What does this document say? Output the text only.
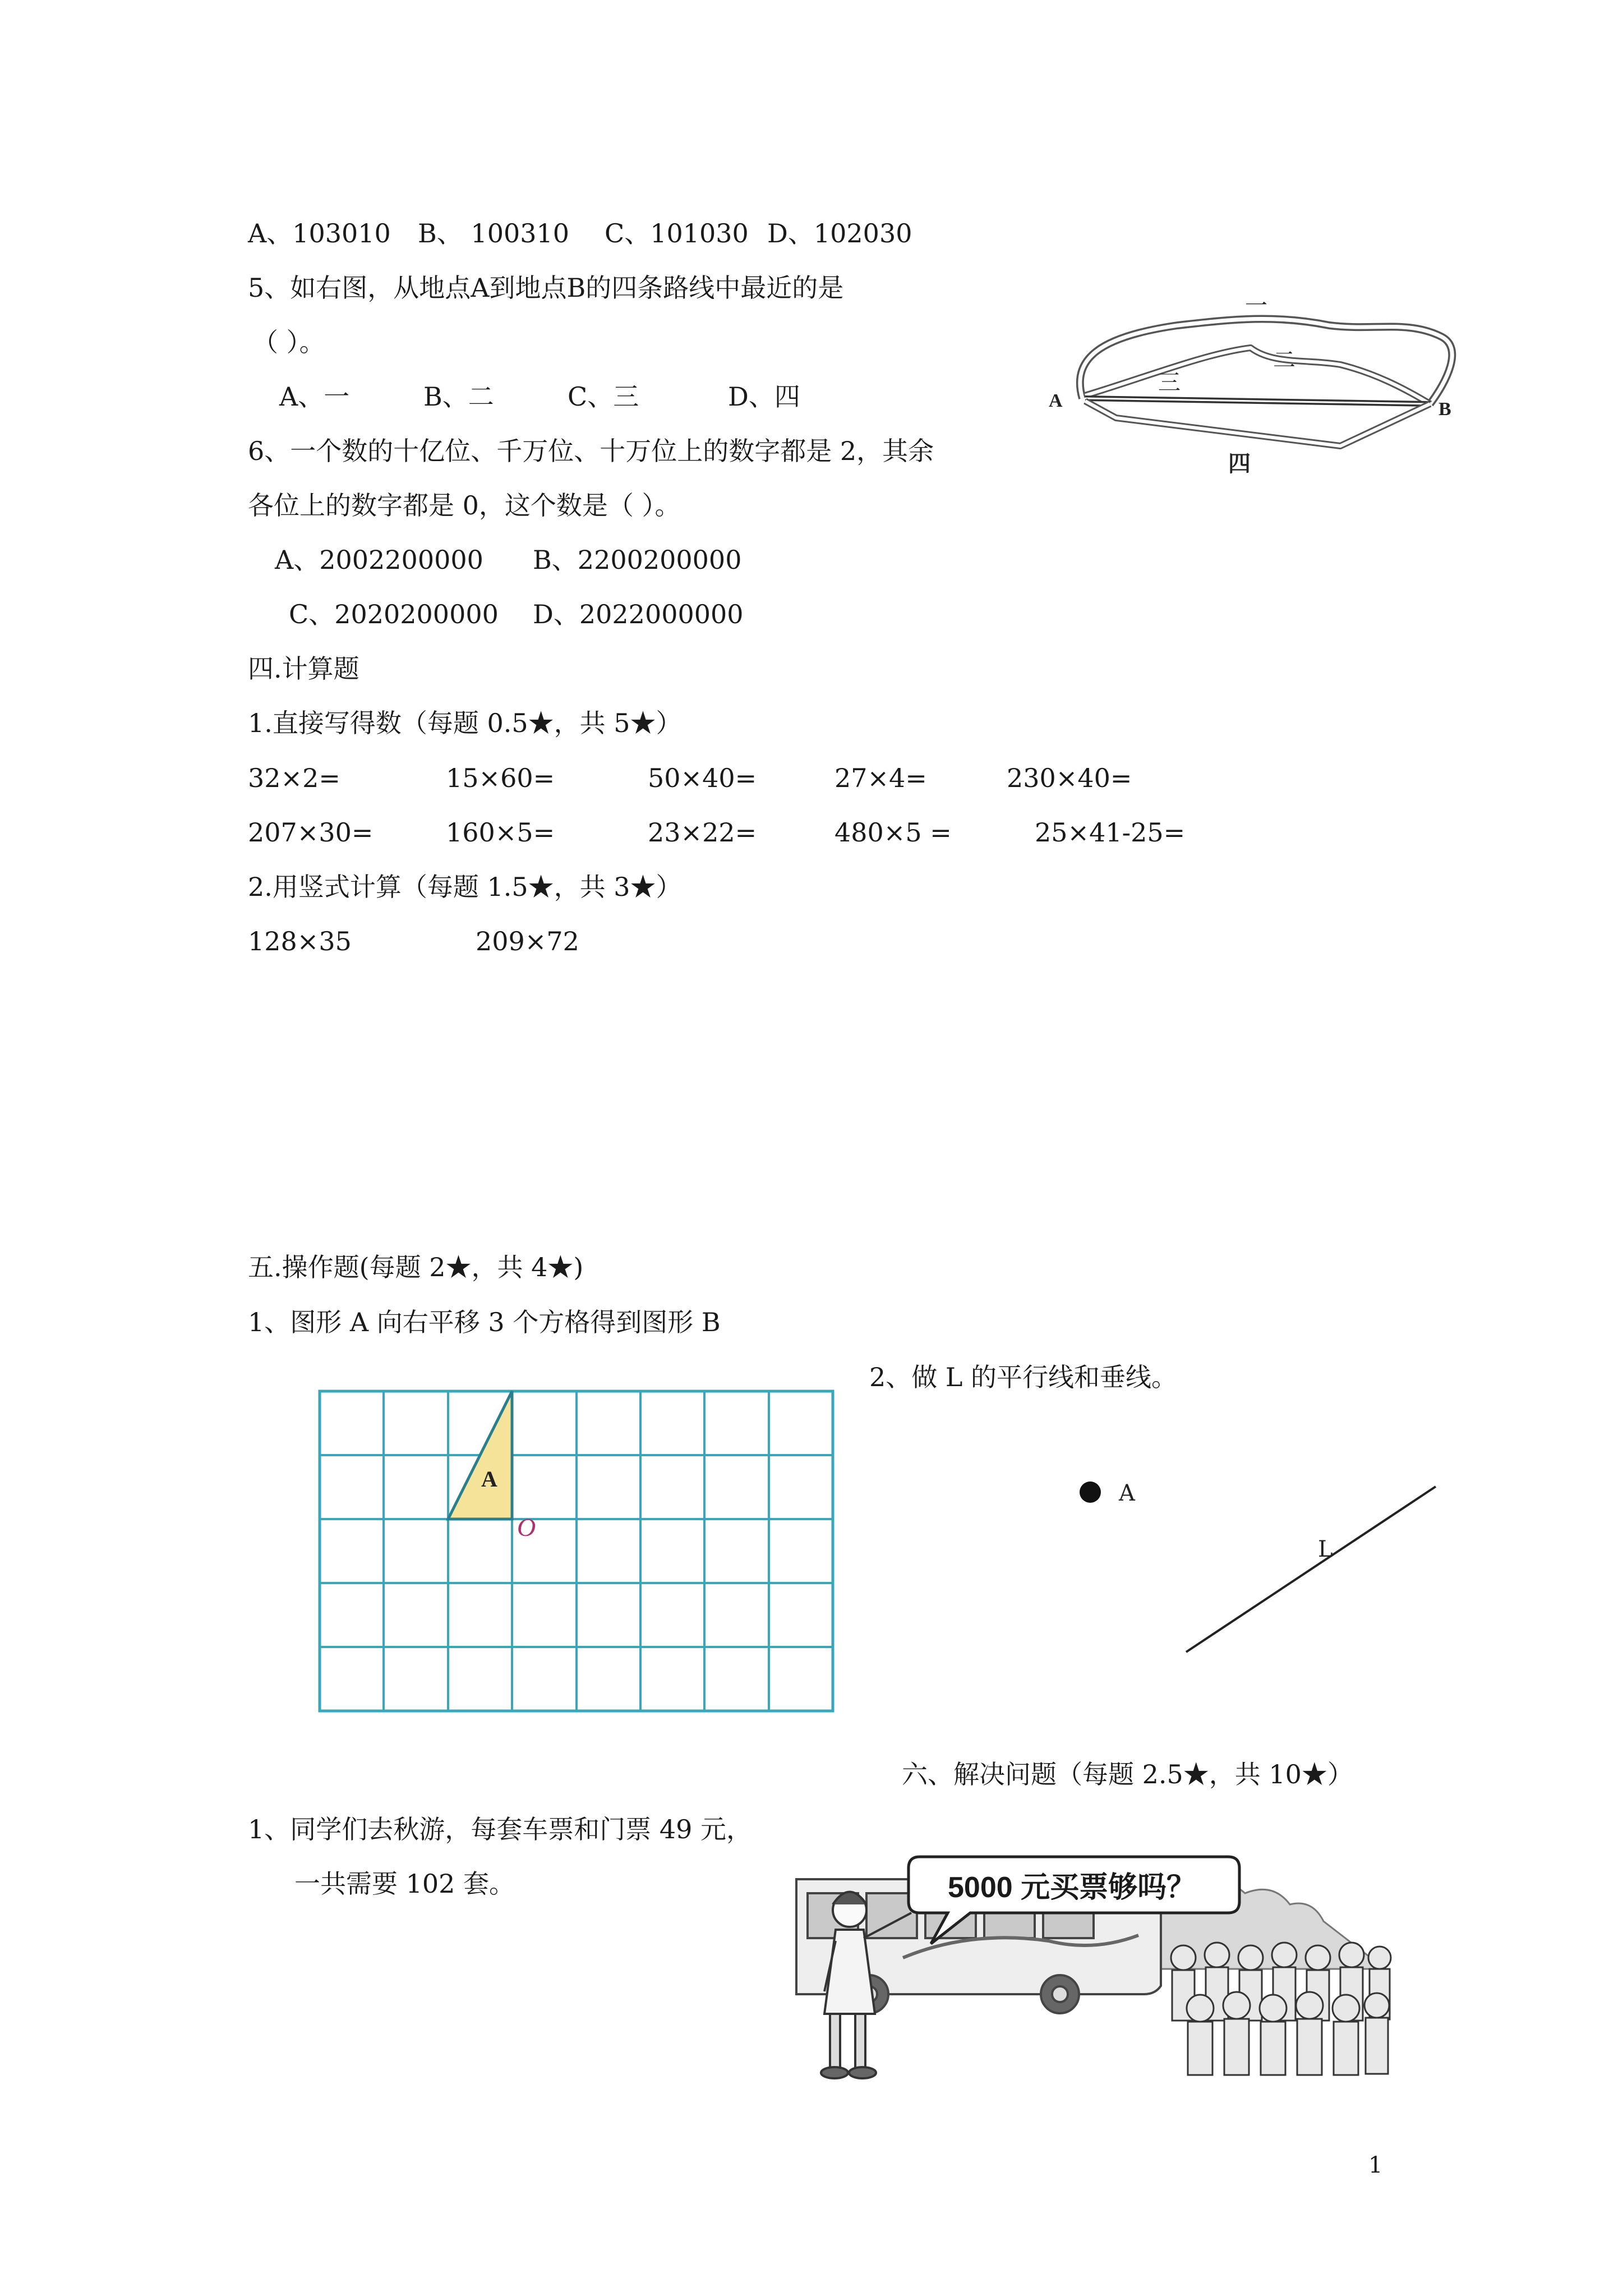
A、103010 B、 100310 C、101030 D、102030
5、如右图，从地点A到地点B的四条路线中最近的是
（ ）。
A、一	B、二	C、三	D、四	A	B
一
二
三
四
6、一个数的十亿位、千万位、十万位上的数字都是 2，其余
各位上的数字都是 0，这个数是（ ）。
A、2002200000 B、2200200000
C、2020200000 D、2022000000
四.计算题
1.直接写得数（每题 0.5★，共 5★）
32×2=	15×60=	50×40=	27×4=	230×40=
207×30=	160×5=	23×22=	480×5 =	25×41-25=
2.用竖式计算（每题 1.5★，共 3★）
128×35	209×72
五.操作题(每题 2★，共 4★)
1、图形 A 向右平移 3 个方格得到图形 B
2、做 L 的平行线和垂线。
A
O
A
L
六、解决问题（每题 2.5★，共 10★）
1、同学们去秋游，每套车票和门票 49 元，
一共需要 102 套。	5000 元买票够吗？
1
